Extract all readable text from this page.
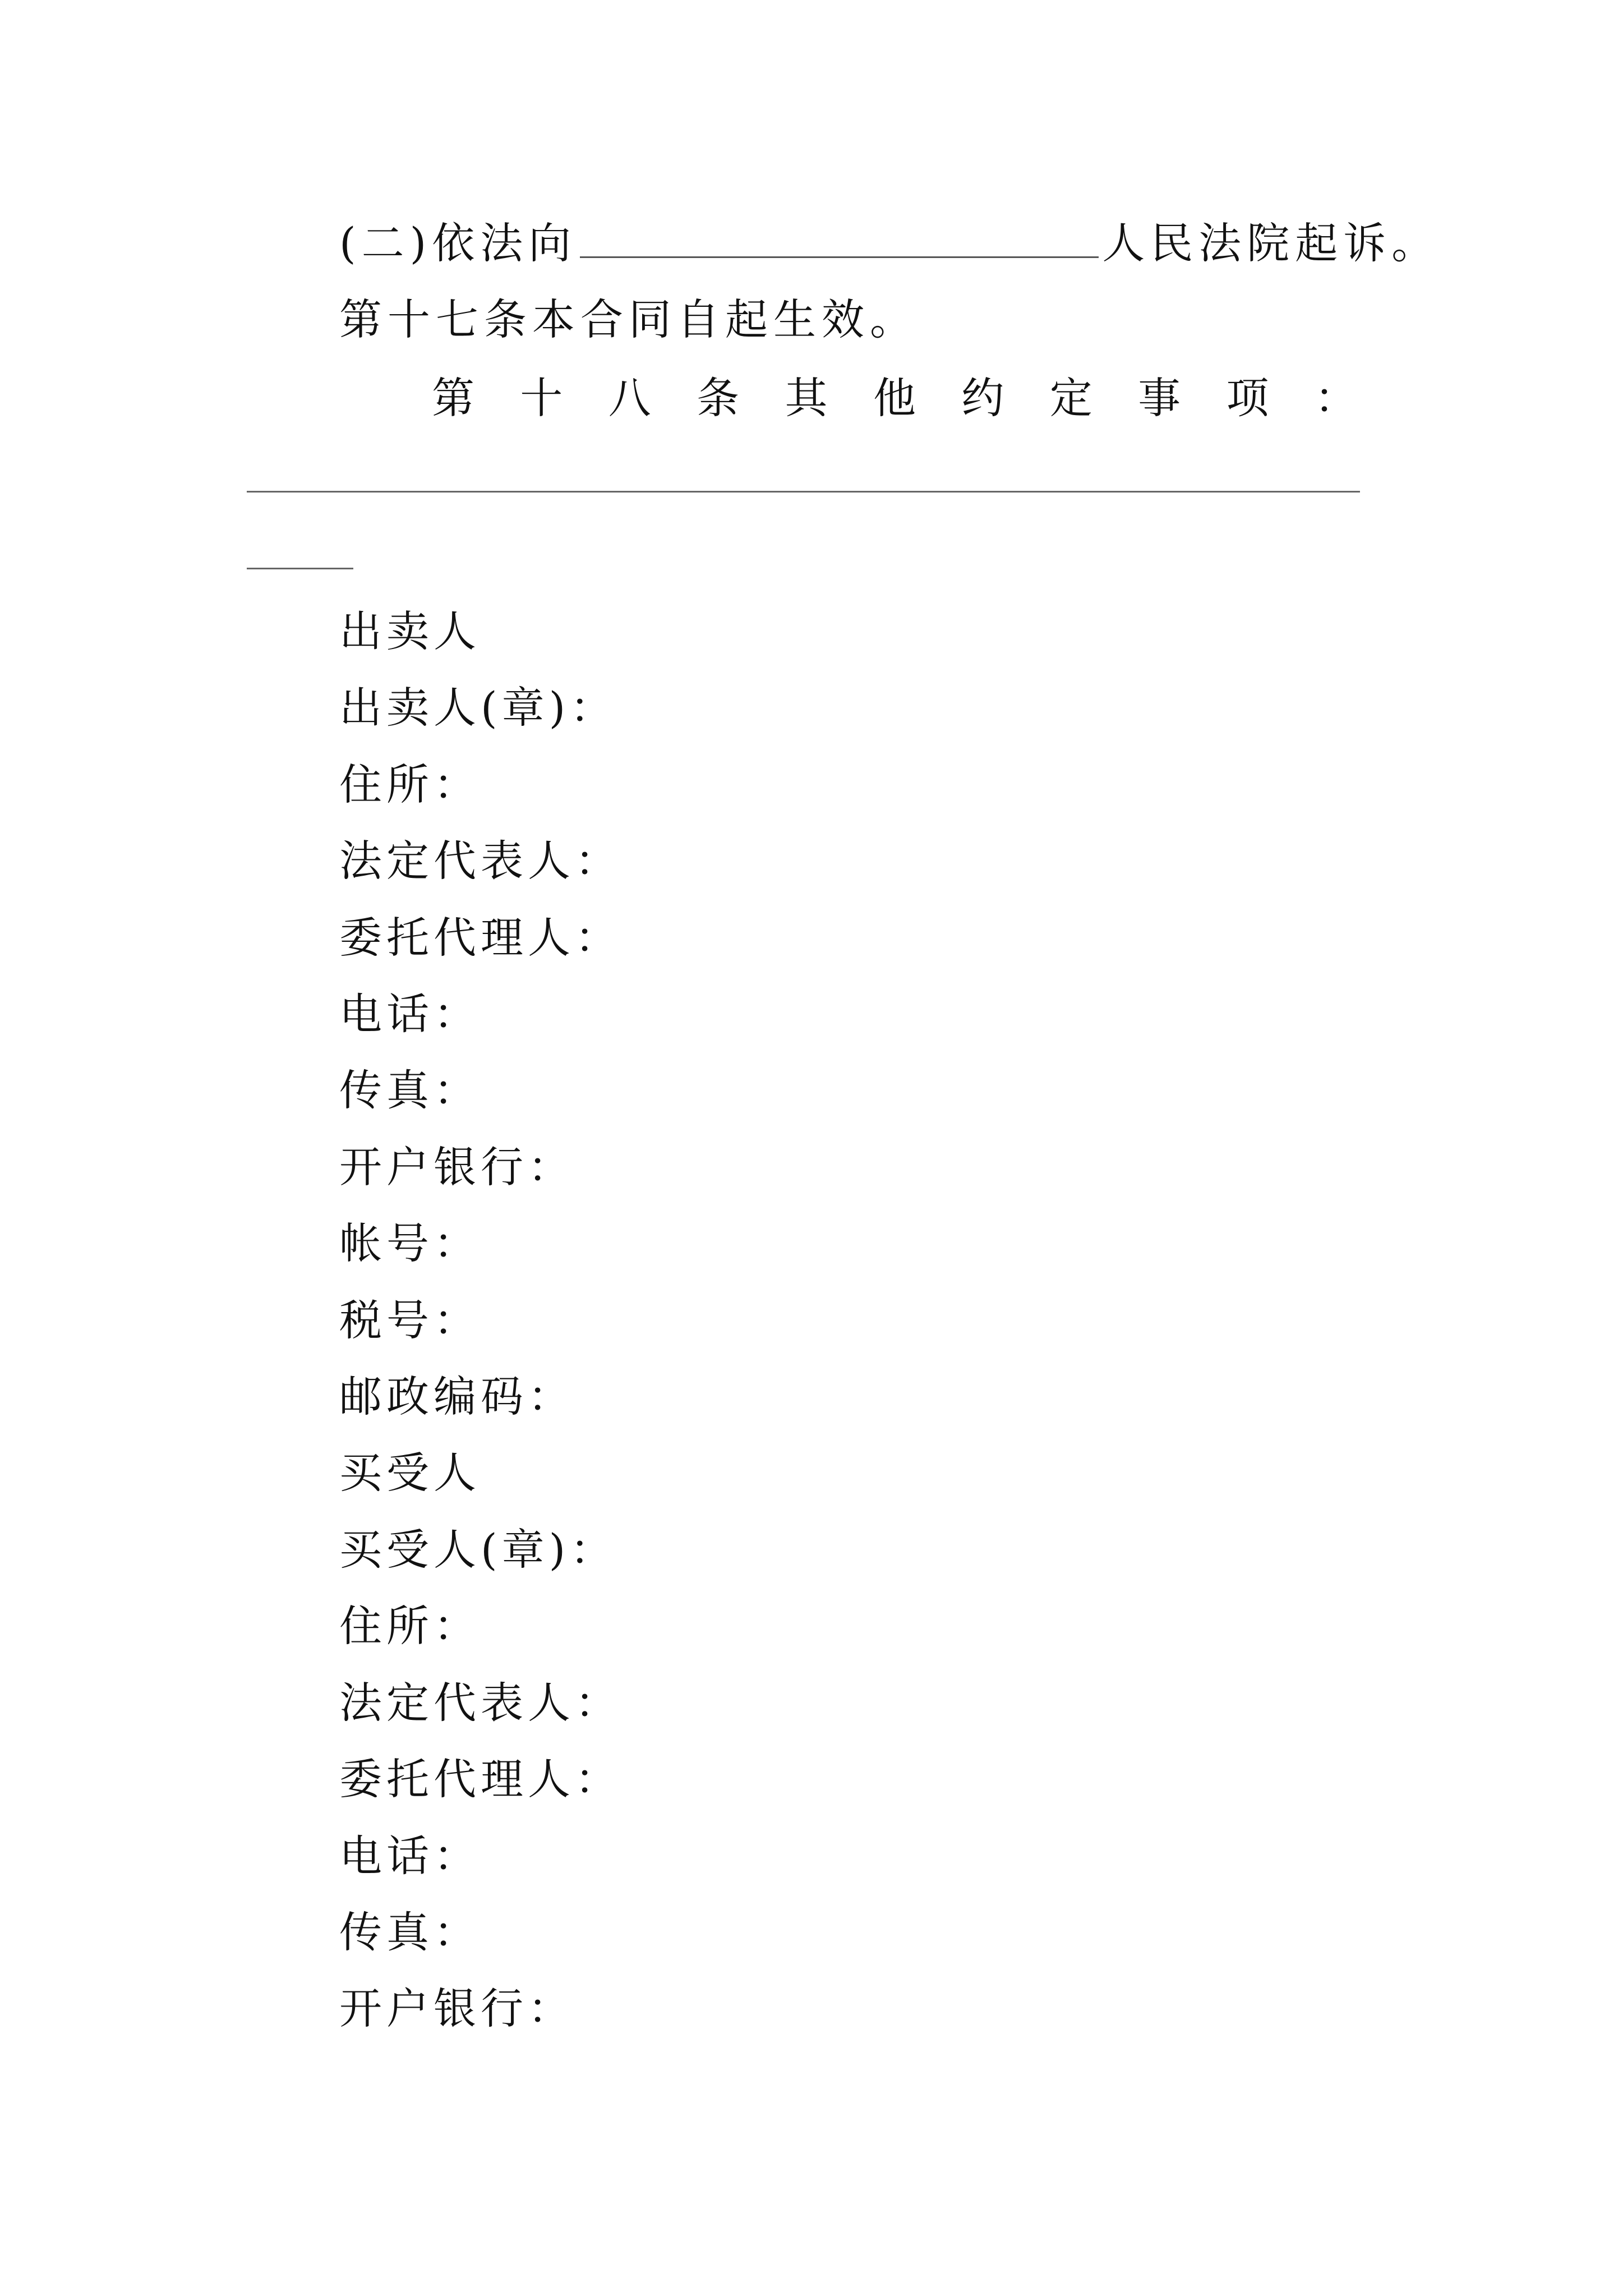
(二)依法向	人民法院起诉。
第十七条本合同自起生效。
第 十 八 条 其 他 约 定 事 项 ：
出卖人
出卖人(章)：
住所：
法定代表人：
委托代理人：
电话：
传真：
开户银行：
帐号：
税号：
邮政编码：
买受人
买受人(章)：
住所：
法定代表人：
委托代理人：
电话：
传真：
开户银行：
